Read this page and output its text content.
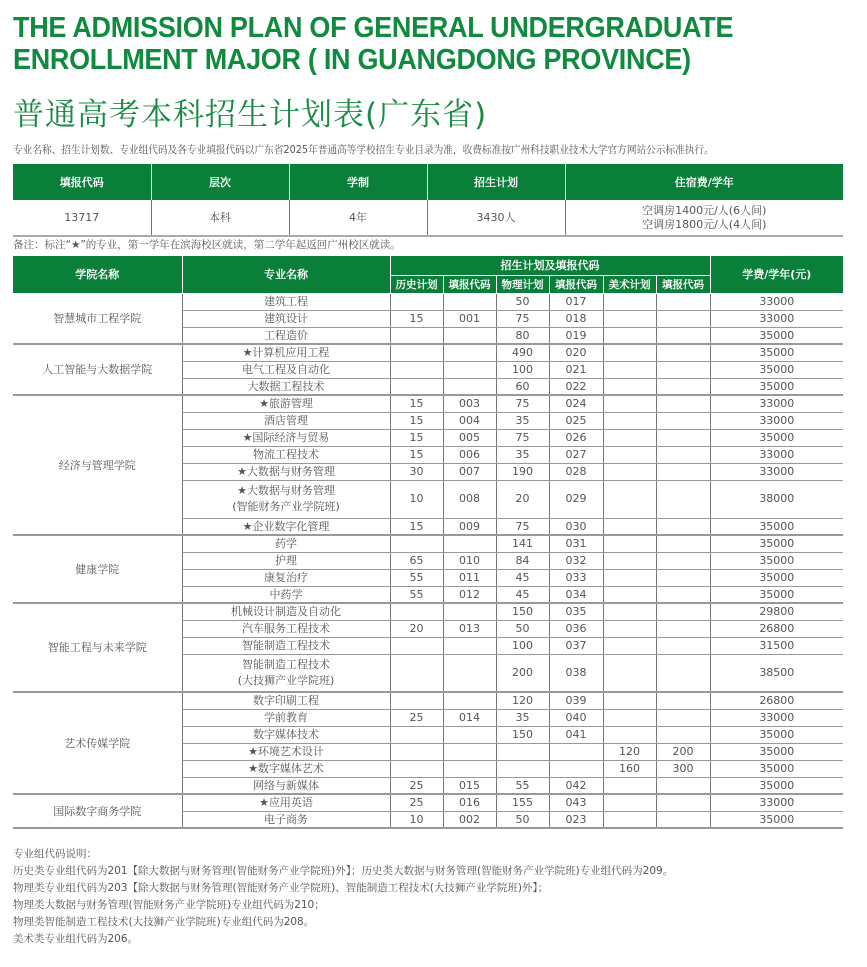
THE ADMISSION PLAN OF GENERAL UNDERGRADUATE
ENROLLMENT MAJOR ( IN GUANGDONG PROVINCE)
普通高考本科招生计划表(广东省)
专业名称、招生计划数、专业组代码及各专业填报代码以广东省2025年普通高等学校招生专业目录为准，收费标准按广州科技职业技术大学官方网站公示标准执行。
填报代码	层次	学制	招生计划	住宿费/学年
13717	本科	4年	3430人	空调房1400元/人(6人间)
空调房1800元/人(4人间)
备注：标注“★”的专业，第一学年在滨海校区就读，第二学年起返回广州校区就读。
学院名称	专业名称	招生计划及填报代码						学费/学年(元)
		历史计划	填报代码	物理计划	填报代码	美术计划	填报代码	
智慧城市工程学院	建筑工程			50	017			33000

	建筑设计	15	001	75	018			33000

	工程造价			80	019			35000
人工智能与大数据学院	★计算机应用工程			490	020			35000

	电气工程及自动化			100	021			35000

	大数据工程技术			60	022			35000
经济与管理学院	★旅游管理	15	003	75	024			33000

	酒店管理	15	004	35	025			33000

	★国际经济与贸易	15	005	75	026			35000

	物流工程技术	15	006	35	027			33000

	★大数据与财务管理	30	007	190	028			33000

	★大数据与财务管理
(智能财务产业学院班)	10	008	20	029			38000

	★企业数字化管理	15	009	75	030			35000
健康学院	药学			141	031			35000

	护理	65	010	84	032			35000

	康复治疗	55	011	45	033			35000

	中药学	55	012	45	034			35000
智能工程与未来学院	机械设计制造及自动化			150	035			29800

	汽车服务工程技术	20	013	50	036			26800

	智能制造工程技术			100	037			31500

	智能制造工程技术
(大技狮产业学院班)			200	038			38500
艺术传媒学院	数字印刷工程			120	039			26800

	学前教育	25	014	35	040			33000

	数字媒体技术			150	041			35000

	★环境艺术设计					120	200	35000

	★数字媒体艺术					160	300	35000

	网络与新媒体	25	015	55	042			35000
国际数字商务学院	★应用英语	25	016	155	043			33000

	电子商务	10	002	50	023			35000
专业组代码说明：
历史类专业组代码为201【除大数据与财务管理(智能财务产业学院班)外】；历史类大数据与财务管理(智能财务产业学院班)专业组代码为209。
物理类专业组代码为203【除大数据与财务管理(智能财务产业学院班)、智能制造工程技术(大技狮产业学院班)外】；
物理类大数据与财务管理(智能财务产业学院班)专业组代码为210；
物理类智能制造工程技术(大技狮产业学院班)专业组代码为208。
美术类专业组代码为206。
